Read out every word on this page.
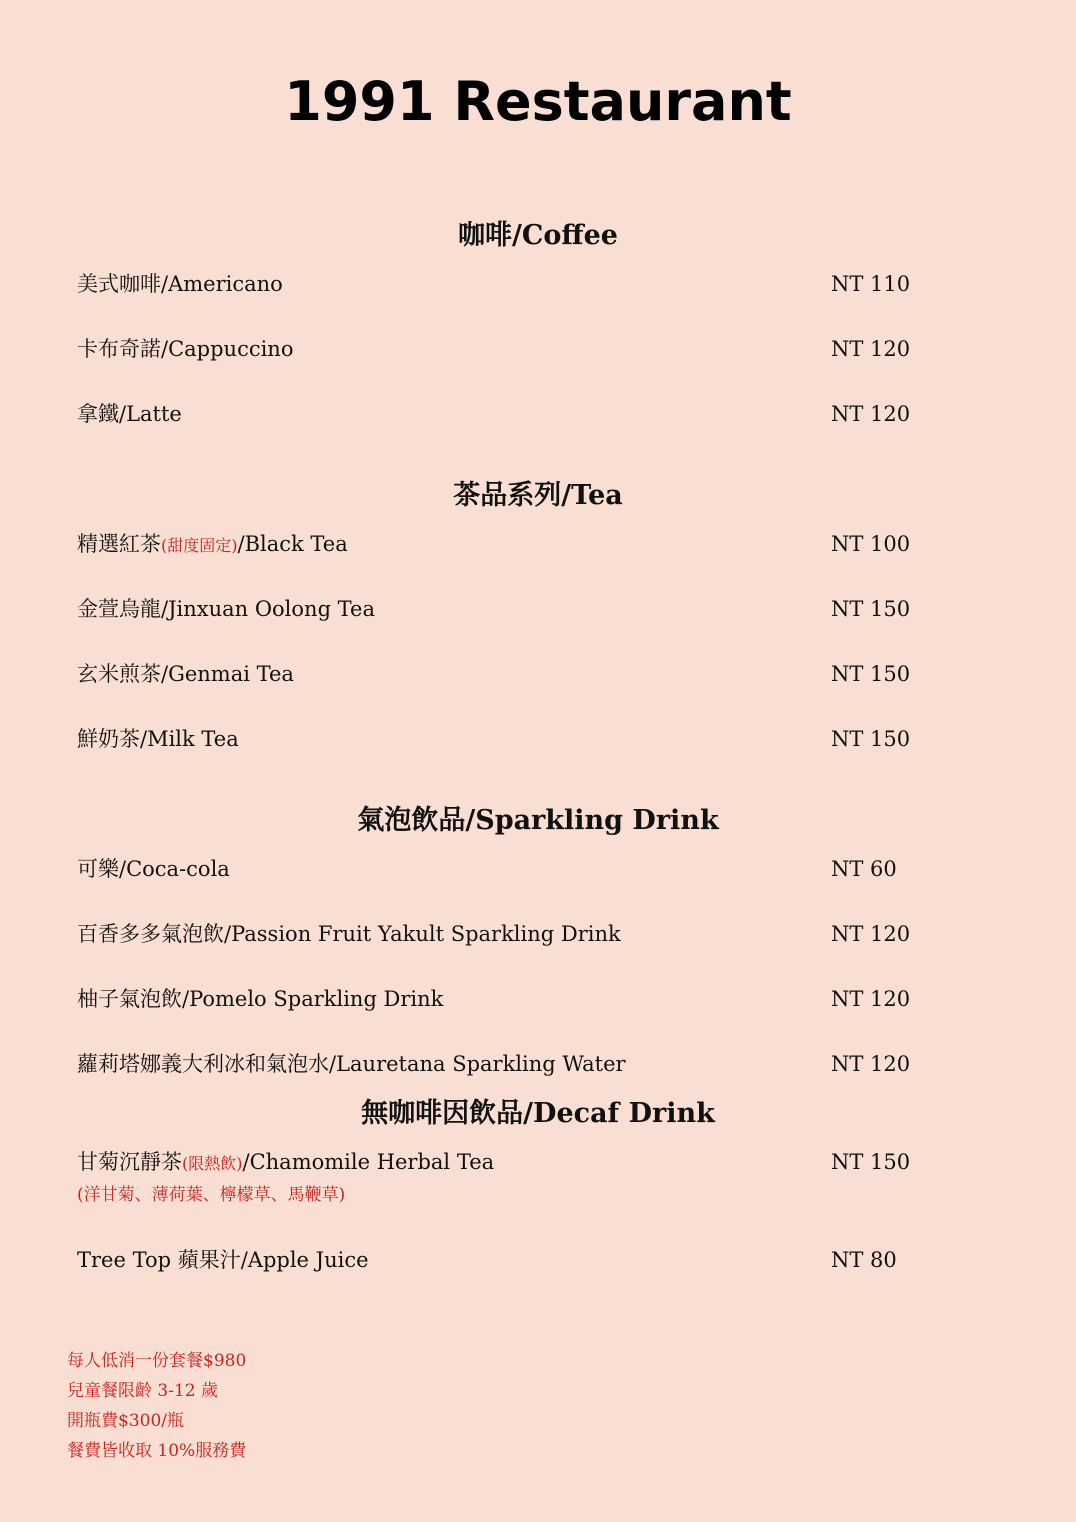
1991 Restaurant
咖啡/Coffee
美式咖啡/Americano	NT 110
卡布奇諾/Cappuccino	NT 120
拿鐵/Latte	NT 120
茶品系列/Tea
精選紅茶(甜度固定)/Black Tea	NT 100
金萱烏龍/Jinxuan Oolong Tea	NT 150
玄米煎茶/Genmai Tea	NT 150
鮮奶茶/Milk Tea	NT 150
氣泡飲品/Sparkling Drink
可樂/Coca-cola	NT 60
百香多多氣泡飲/Passion Fruit Yakult Sparkling Drink	NT 120
柚子氣泡飲/Pomelo Sparkling Drink	NT 120
蘿莉塔娜義大利冰和氣泡水/Lauretana Sparkling Water	NT 120
無咖啡因飲品/Decaf Drink
甘菊沉靜茶(限熱飲)/Chamomile Herbal Tea	NT 150
(洋甘菊、薄荷葉、檸檬草、馬鞭草)
Tree Top 蘋果汁/Apple Juice	NT 80
每人低消一份套餐$980
兒童餐限齡 3-12 歲
開瓶費$300/瓶
餐費皆收取 10%服務費
